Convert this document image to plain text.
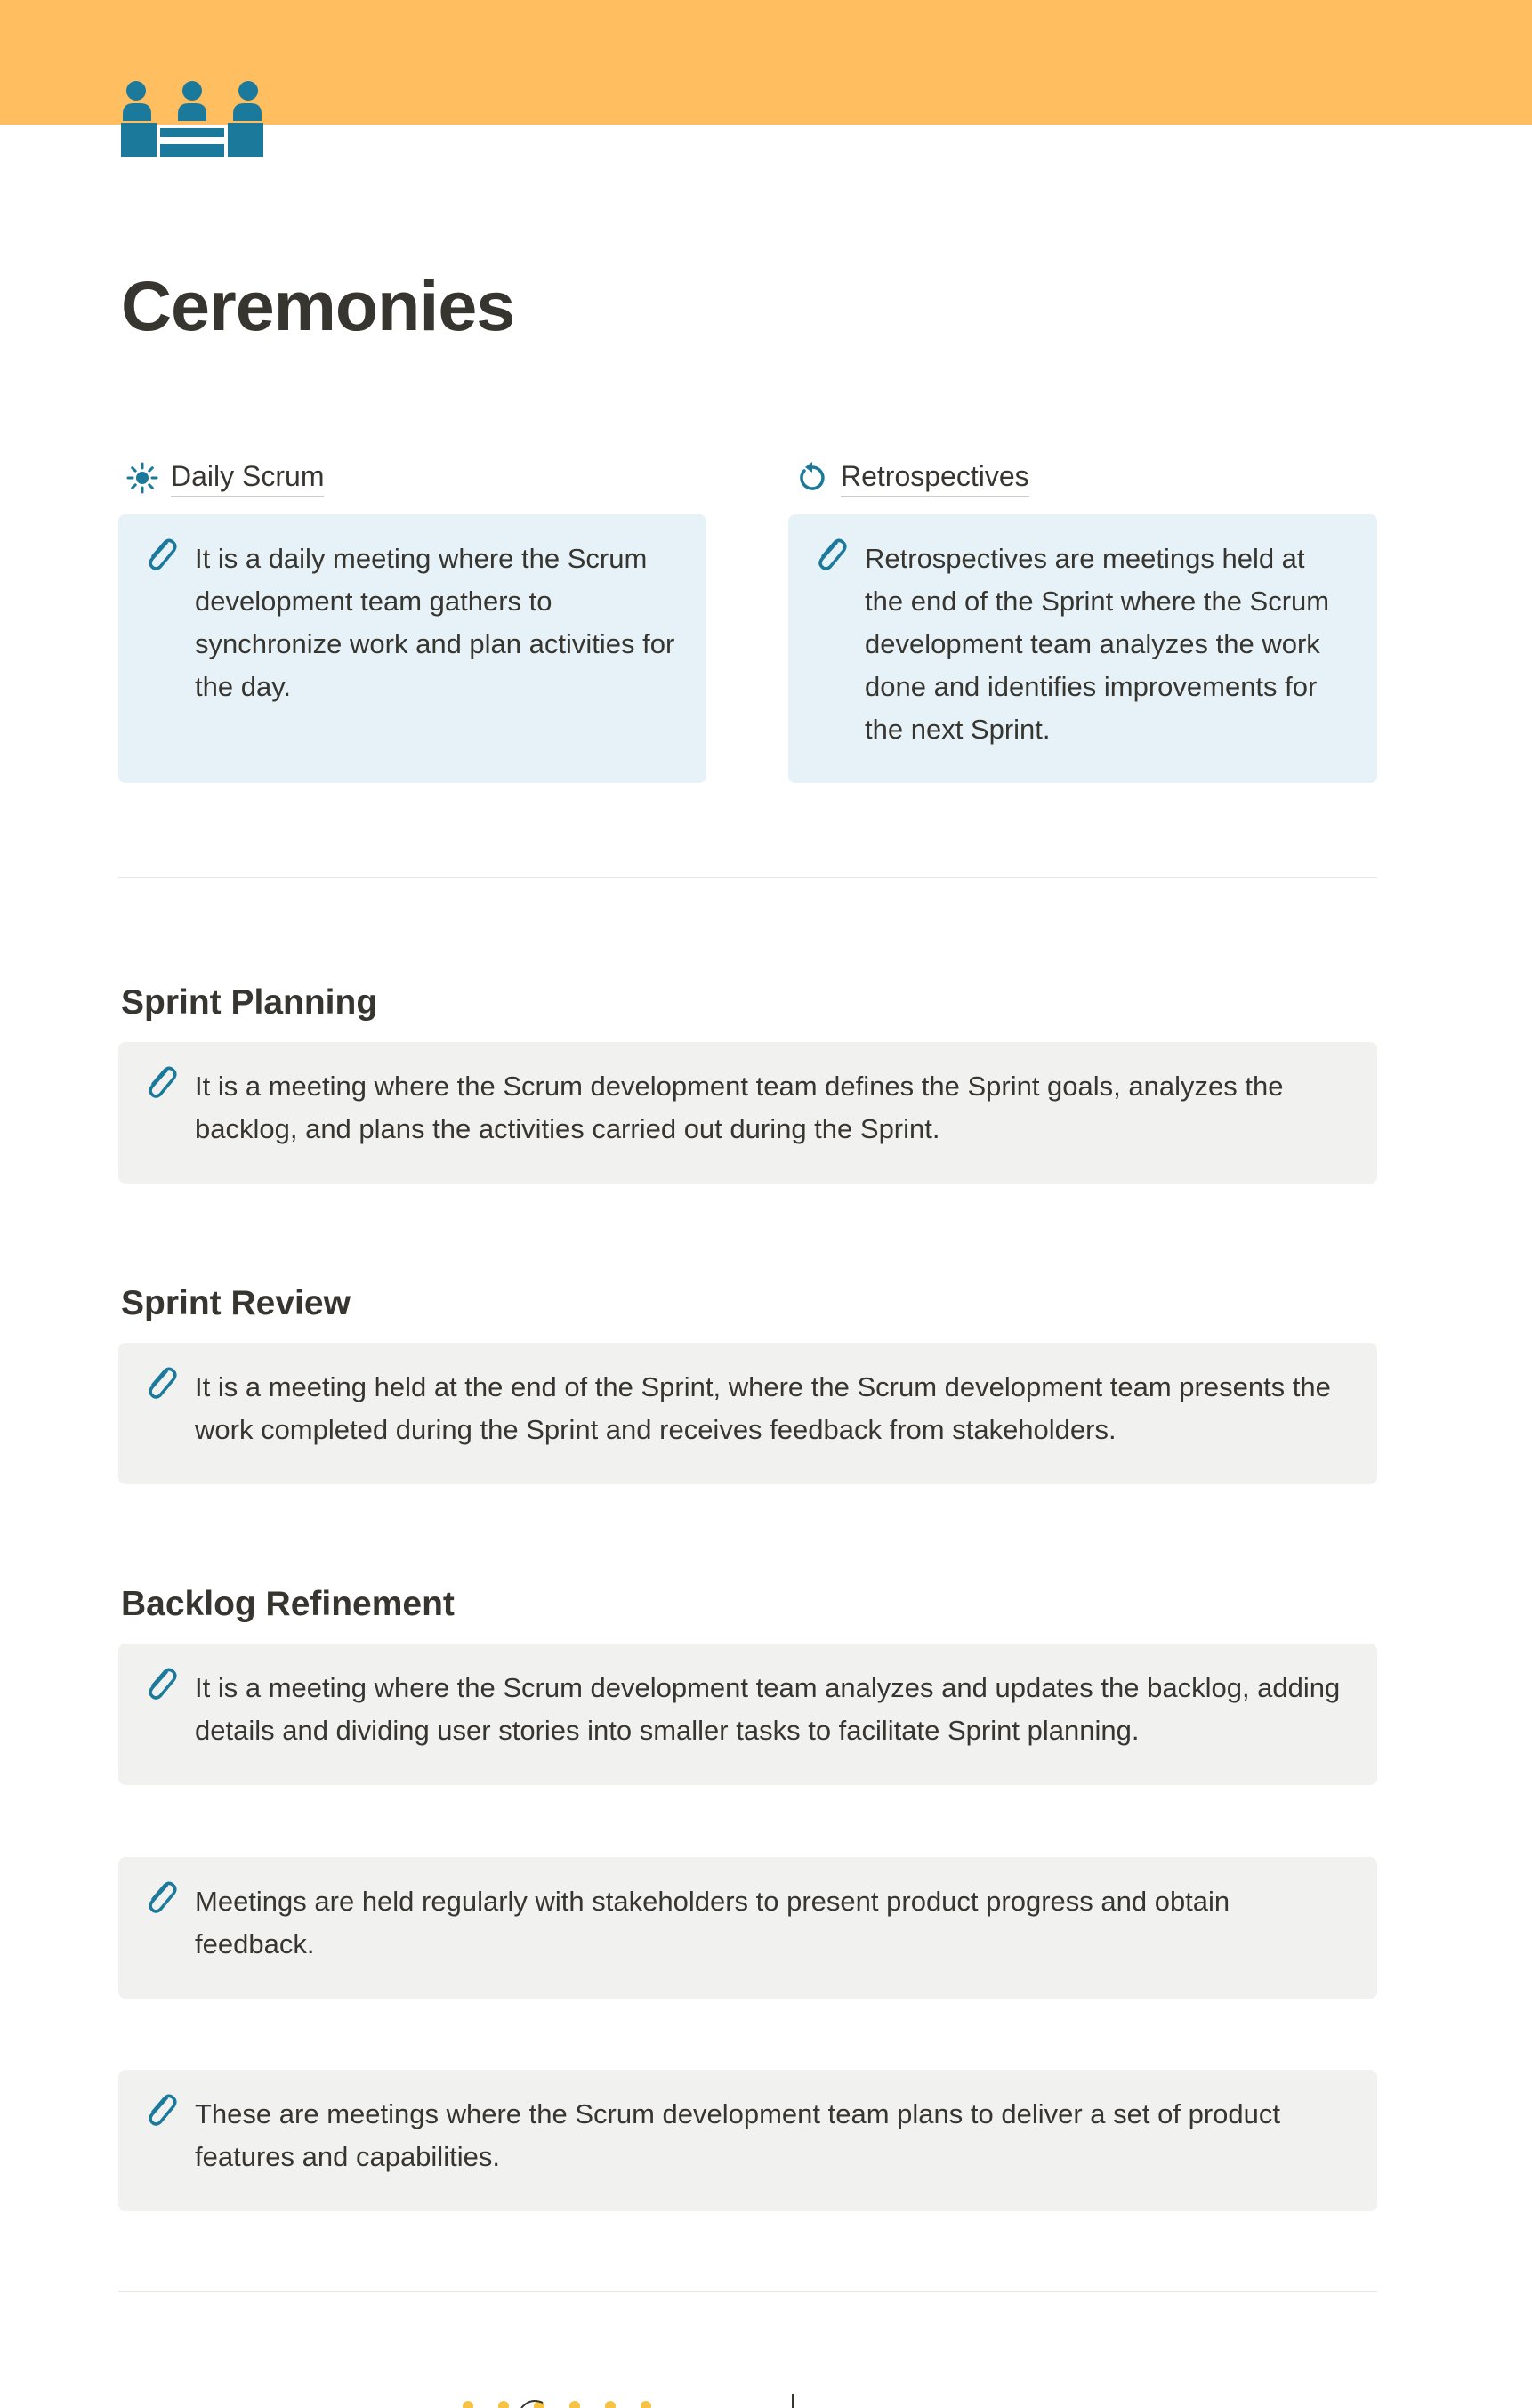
Ceremonies
Daily Scrum	Retrospectives

It is a daily meeting where the Scrum development team gathers to synchronize work and plan activities for the day.

Retrospectives are meetings held at the end of the Sprint where the Scrum development team analyzes the work done and identifies improvements for the next Sprint.

Sprint Planning

It is a meeting where the Scrum development team defines the Sprint goals, analyzes the backlog, and plans the activities carried out during the Sprint.

Sprint Review

It is a meeting held at the end of the Sprint, where the Scrum development team presents the work completed during the Sprint and receives feedback from stakeholders.

Backlog Refinement

It is a meeting where the Scrum development team analyzes and updates the backlog, adding details and dividing user stories into smaller tasks to facilitate Sprint planning.

Meetings are held regularly with stakeholders to present product progress and obtain feedback.

These are meetings where the Scrum development team plans to deliver a set of product features and capabilities.
